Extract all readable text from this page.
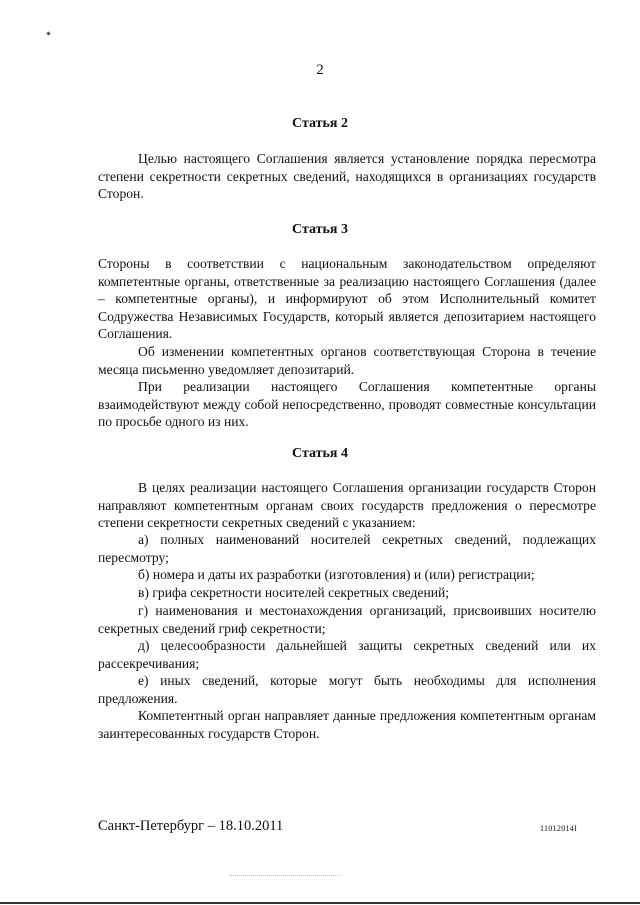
2
Статья 2

Целью настоящего Соглашения является установление порядка пересмотра степени секретности секретных сведений, находящихся в организациях государств Сторон.

Статья 3

Стороны в соответствии с национальным законодательством определяют компетентные органы, ответственные за реализацию настоящего Соглашения (далее – компетентные органы), и информируют об этом Исполнительный комитет Содружества Независимых Государств, который является депозитарием настоящего Соглашения.

Об изменении компетентных органов соответствующая Сторона в течение месяца письменно уведомляет депозитарий.

При реализации настоящего Соглашения компетентные органы взаимодействуют между собой непосредственно, проводят совместные консультации по просьбе одного из них.

Статья 4

В целях реализации настоящего Соглашения организации государств Сторон направляют компетентным органам своих государств предложения о пересмотре степени секретности секретных сведений с указанием:

а) полных наименований носителей секретных сведений, подлежащих пересмотру;

б) номера и даты их разработки (изготовления) и (или) регистрации;

в) грифа секретности носителей секретных сведений;

г) наименования и местонахождения организаций, присвоивших носителю секретных сведений гриф секретности;

д) целесообразности дальнейшей защиты секретных сведений или их рассекречивания;

е) иных сведений, которые могут быть необходимы для исполнения предложения.

Компетентный орган направляет данные предложения компетентным органам заинтересованных государств Сторон.

Санкт-Петербург – 18.10.2011	11012014I
